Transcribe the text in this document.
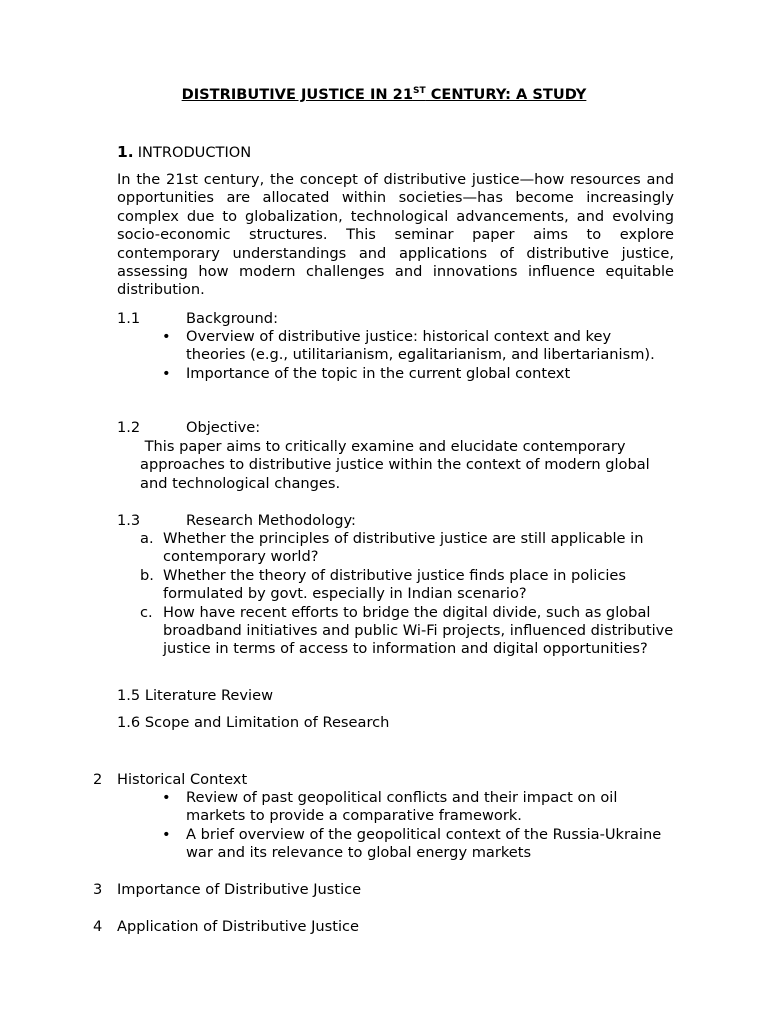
DISTRIBUTIVE JUSTICE IN 21ST CENTURY: A STUDY
1. INTRODUCTION
In the 21st century, the concept of distributive justice—how resources and opportunities are allocated within societies—has become increasingly complex due to globalization, technological advancements, and evolving socio-economic structures. This seminar paper aims to explore contemporary understandings and applications of distributive justice, assessing how modern challenges and innovations influence equitable distribution.
1.1	Background:
• Overview of distributive justice: historical context and key theories (e.g., utilitarianism, egalitarianism, and libertarianism).
• Importance of the topic in the current global context
1.2	Objective:
This paper aims to critically examine and elucidate contemporary approaches to distributive justice within the context of modern global and technological changes.
1.3	Research Methodology:
a. Whether the principles of distributive justice are still applicable in contemporary world?
b. Whether the theory of distributive justice finds place in policies formulated by govt. especially in Indian scenario?
c. How have recent efforts to bridge the digital divide, such as global broadband initiatives and public Wi-Fi projects, influenced distributive justice in terms of access to information and digital opportunities?
1.5 Literature Review
1.6 Scope and Limitation of Research
2 Historical Context
• Review of past geopolitical conflicts and their impact on oil markets to provide a comparative framework.
• A brief overview of the geopolitical context of the Russia-Ukraine war and its relevance to global energy markets
3 Importance of Distributive Justice
4 Application of Distributive Justice
